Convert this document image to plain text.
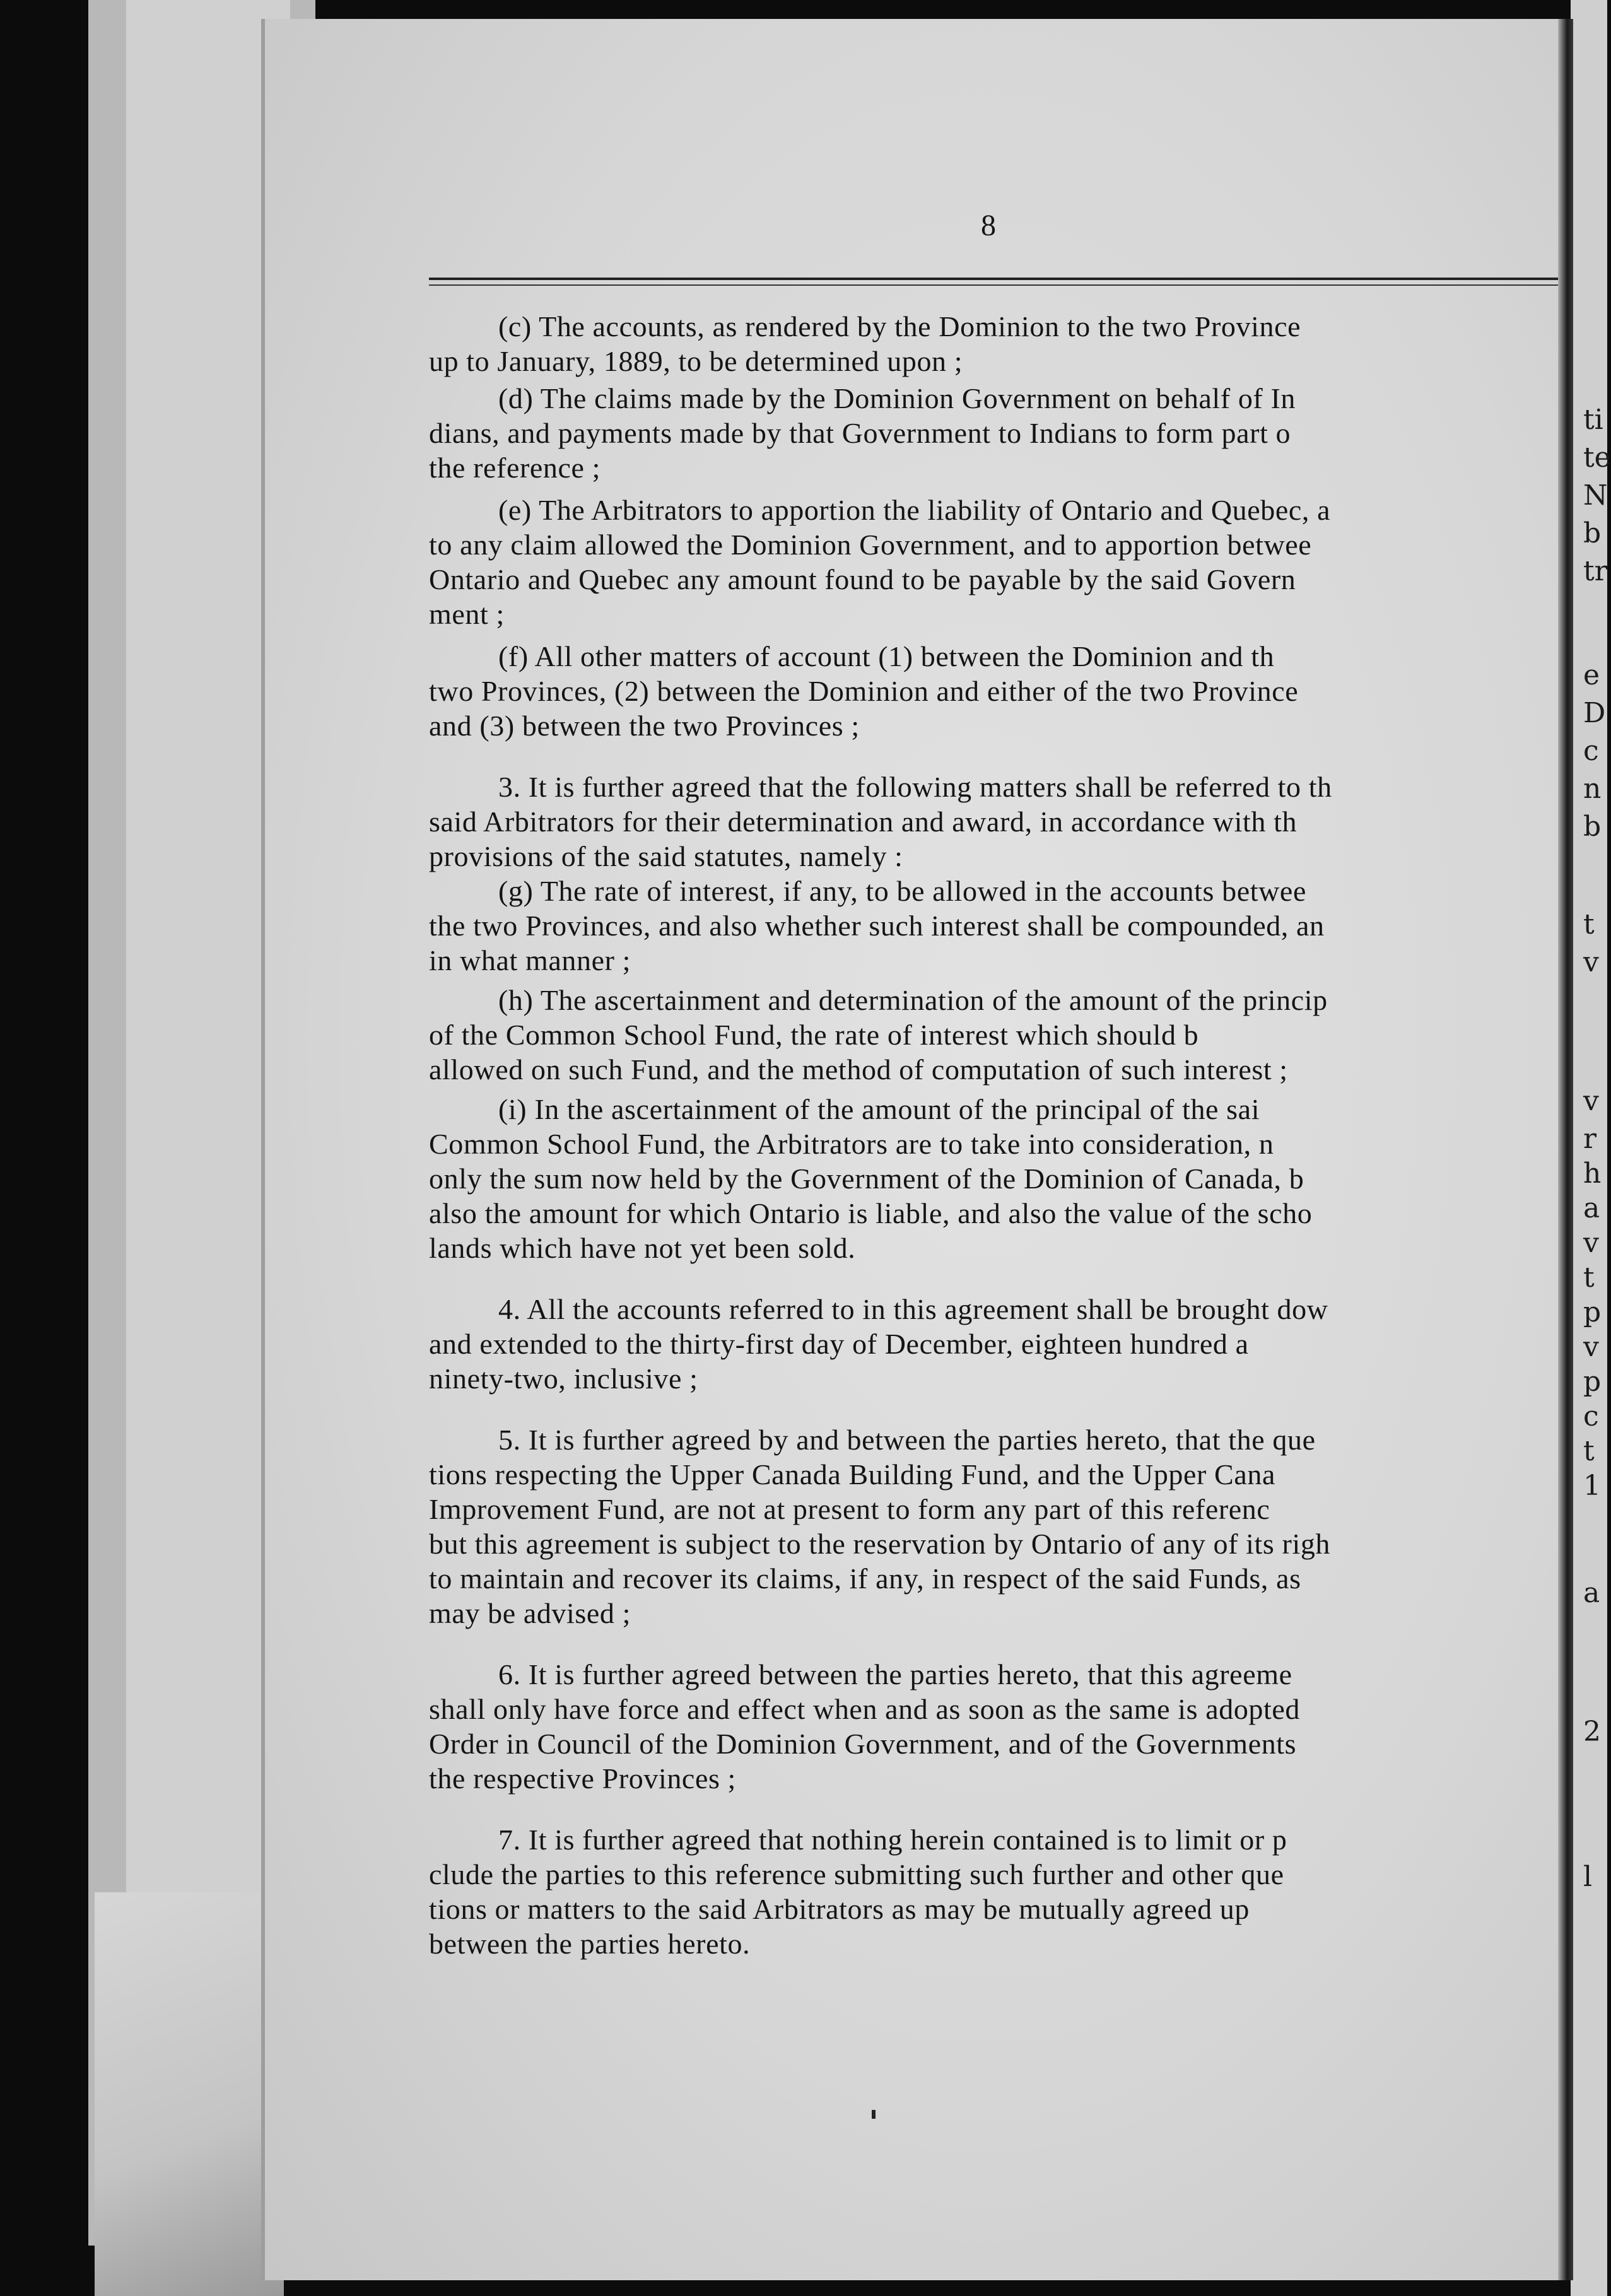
ti
te
N
b
tr
e
D
c
n
b
t
v
v
r
h
a
v
t
p
v
p
c
t
1
a
2
l
8
(c) The accounts, as rendered by the Dominion to the two Province
up to January, 1889, to be determined upon ;
(d) The claims made by the Dominion Government on behalf of In
dians, and payments made by that Government to Indians to form part o
the reference ;
(e) The Arbitrators to apportion the liability of Ontario and Quebec, a
to any claim allowed the Dominion Government, and to apportion betwee
Ontario and Quebec any amount found to be payable by the said Govern
ment ;
(f) All other matters of account (1) between the Dominion and th
two Provinces, (2) between the Dominion and either of the two Province
and (3) between the two Provinces ;
3. It is further agreed that the following matters shall be referred to th
said Arbitrators for their determination and award, in accordance with th
provisions of the said statutes, namely :
(g) The rate of interest, if any, to be allowed in the accounts betwee
the two Provinces, and also whether such interest shall be compounded, an
in what manner ;
(h) The ascertainment and determination of the amount of the princip
of the Common School Fund, the rate of interest which should b
allowed on such Fund, and the method of computation of such interest ;
(i) In the ascertainment of the amount of the principal of the sai
Common School Fund, the Arbitrators are to take into consideration, n
only the sum now held by the Government of the Dominion of Canada, b
also the amount for which Ontario is liable, and also the value of the scho
lands which have not yet been sold.
4. All the accounts referred to in this agreement shall be brought dow
and extended to the thirty-first day of December, eighteen hundred a
ninety-two, inclusive ;
5. It is further agreed by and between the parties hereto, that the que
tions respecting the Upper Canada Building Fund, and the Upper Cana
Improvement Fund, are not at present to form any part of this referenc
but this agreement is subject to the reservation by Ontario of any of its righ
to maintain and recover its claims, if any, in respect of the said Funds, as
may be advised ;
6. It is further agreed between the parties hereto, that this agreeme
shall only have force and effect when and as soon as the same is adopted
Order in Council of the Dominion Government, and of the Governments
the respective Provinces ;
7. It is further agreed that nothing herein contained is to limit or p
clude the parties to this reference submitting such further and other que
tions or matters to the said Arbitrators as may be mutually agreed up
between the parties hereto.
